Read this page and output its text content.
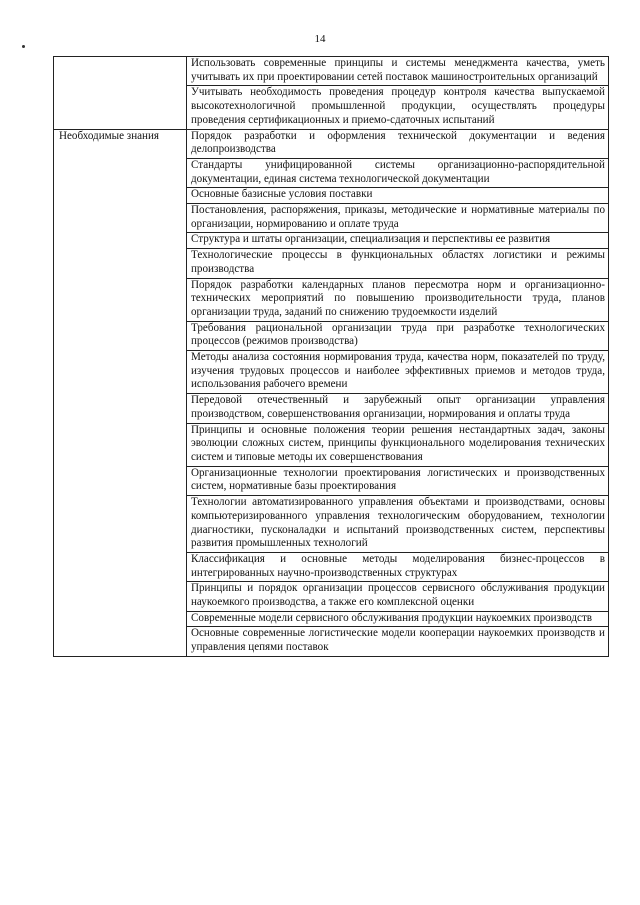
14
	Использовать современные принципы и системы менеджмента качества, уметь учитывать их при проектировании сетей поставок машиностроительных организаций
	Учитывать необходимость проведения процедур контроля качества выпускаемой высокотехнологичной промышленной продукции, осуществлять процедуры проведения сертификационных и приемо-сдаточных испытаний
Необходимые знания	Порядок разработки и оформления технической документации и ведения делопроизводства
	Стандарты унифицированной системы организационно-распорядительной документации, единая система технологической документации
	Основные базисные условия поставки
	Постановления, распоряжения, приказы, методические и нормативные материалы по организации, нормированию и оплате труда
	Структура и штаты организации, специализация и перспективы ее развития
	Технологические процессы в функциональных областях логистики и режимы производства
	Порядок разработки календарных планов пересмотра норм и организационно-технических мероприятий по повышению производительности труда, планов организации труда, заданий по снижению трудоемкости изделий
	Требования рациональной организации труда при разработке технологических процессов (режимов производства)
	Методы анализа состояния нормирования труда, качества норм, показателей по труду, изучения трудовых процессов и наиболее эффективных приемов и методов труда, использования рабочего времени
	Передовой отечественный и зарубежный опыт организации управления производством, совершенствования организации, нормирования и оплаты труда
	Принципы и основные положения теории решения нестандартных задач, законы эволюции сложных систем, принципы функционального моделирования технических систем и типовые методы их совершенствования
	Организационные технологии проектирования логистических и производственных систем, нормативные базы проектирования
	Технологии автоматизированного управления объектами и производствами, основы компьютеризированного управления технологическим оборудованием, технологии диагностики, пусконаладки и испытаний производственных систем, перспективы развития промышленных технологий
	Классификация и основные методы моделирования бизнес-процессов в интегрированных научно-производственных структурах
	Принципы и порядок организации процессов сервисного обслуживания продукции наукоемкого производства, а также его комплексной оценки
	Современные модели сервисного обслуживания продукции наукоемких производств
	Основные современные логистические модели кооперации наукоемких производств и управления цепями поставок
